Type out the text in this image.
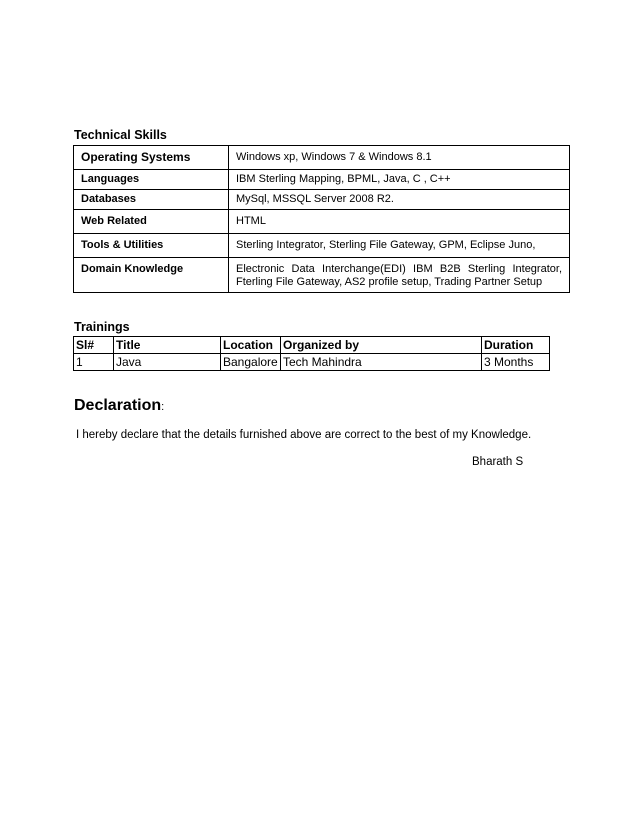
Technical Skills
Operating Systems	Windows xp, Windows 7 & Windows 8.1
Languages	IBM Sterling Mapping, BPML, Java, C , C++
Databases	MySql, MSSQL Server 2008 R2.
Web Related	HTML
Tools & Utilities	Sterling Integrator, Sterling File Gateway, GPM, Eclipse Juno,
Domain Knowledge	Electronic Data Interchange(EDI) IBM B2B Sterling Integrator, Fterling File Gateway, AS2 profile setup, Trading Partner Setup
Trainings
Sl#	Title	Location	Organized by	Duration
1	Java	Bangalore	Tech Mahindra	3 Months
Declaration:
I hereby declare that the details furnished above are correct to the best of my Knowledge.
Bharath S
